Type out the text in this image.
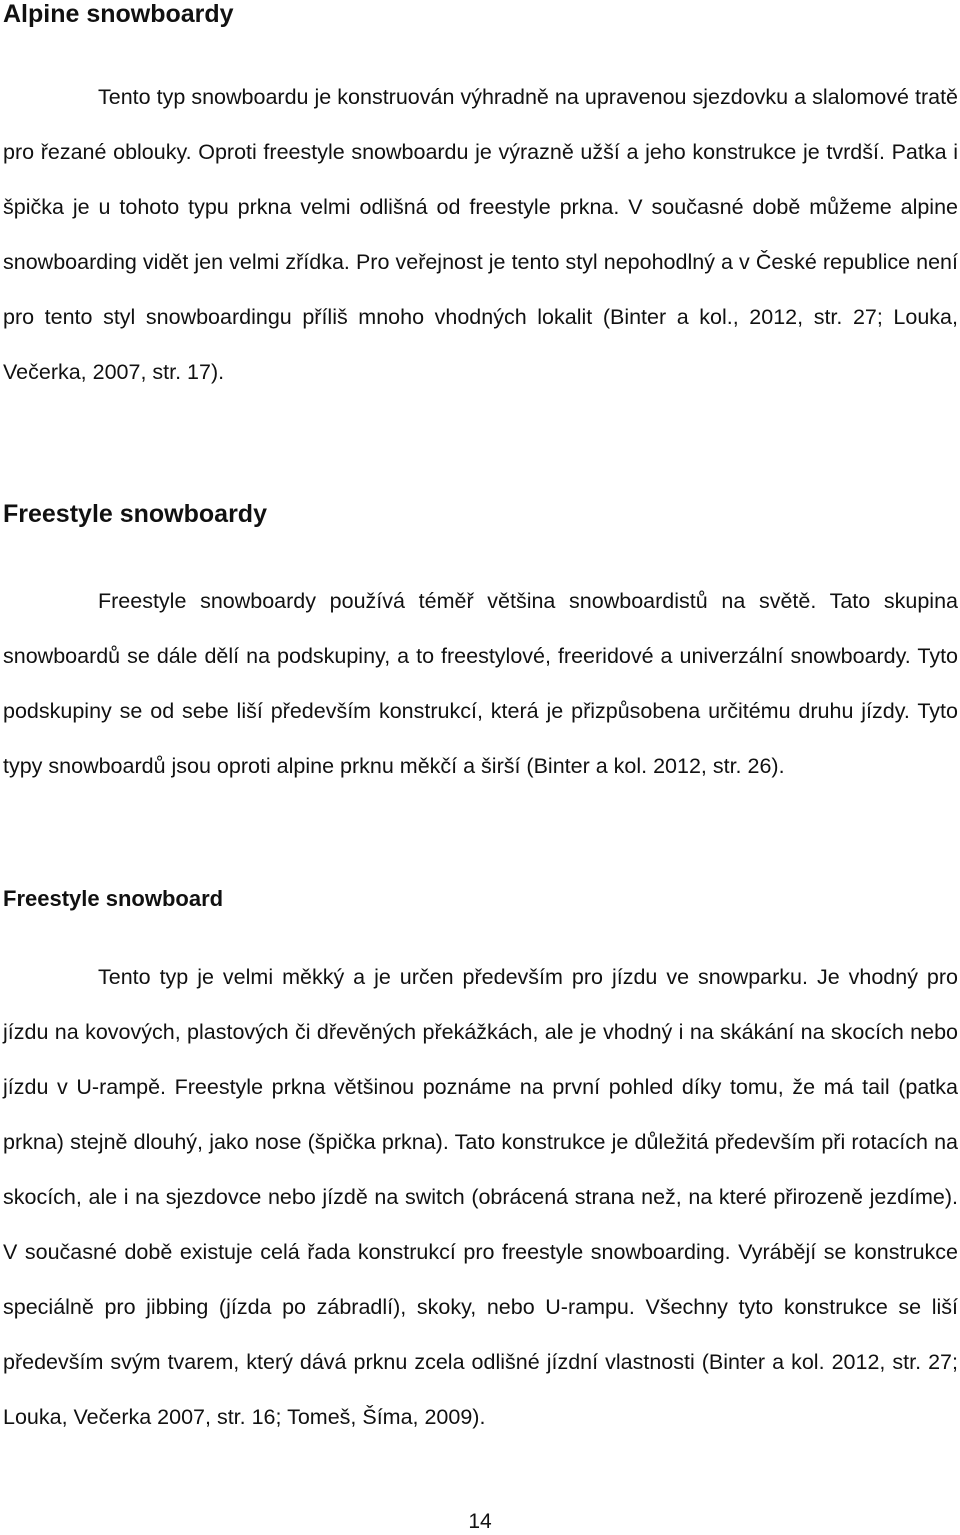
Alpine snowboardy

Tento typ snowboardu je konstruován výhradně na upravenou sjezdovku a slalomové tratě pro řezané oblouky. Oproti freestyle snowboardu je výrazně užší a jeho konstrukce je tvrdší. Patka i špička je u tohoto typu prkna velmi odlišná od freestyle prkna. V současné době můžeme alpine snowboarding vidět jen velmi zřídka. Pro veřejnost je tento styl nepohodlný a v České republice není pro tento styl snowboardingu příliš mnoho vhodných lokalit (Binter a kol., 2012, str. 27; Louka, Večerka, 2007, str. 17).

Freestyle snowboardy

Freestyle snowboardy používá téměř většina snowboardistů na světě. Tato skupina snowboardů se dále dělí na podskupiny, a to freestylové, freeridové a univerzální snowboardy. Tyto podskupiny se od sebe liší především konstrukcí, která je přizpůsobena určitému druhu jízdy. Tyto typy snowboardů jsou oproti alpine prknu měkčí a širší (Binter a kol. 2012, str. 26).

Freestyle snowboard

Tento typ je velmi měkký a je určen především pro jízdu ve snowparku. Je vhodný pro jízdu na kovových, plastových či dřevěných překážkách, ale je vhodný i na skákání na skocích nebo jízdu v U-rampě. Freestyle prkna většinou poznáme na první pohled díky tomu, že má tail (patka prkna) stejně dlouhý, jako nose (špička prkna). Tato konstrukce je důležitá především při rotacích na skocích, ale i na sjezdovce nebo jízdě na switch (obrácená strana než, na které přirozeně jezdíme). V současné době existuje celá řada konstrukcí pro freestyle snowboarding. Vyrábějí se konstrukce speciálně pro jibbing (jízda po zábradlí), skoky, nebo U-rampu. Všechny tyto konstrukce se liší především svým tvarem, který dává prknu zcela odlišné jízdní vlastnosti (Binter a kol. 2012, str. 27; Louka, Večerka 2007, str. 16; Tomeš, Šíma, 2009).

14
